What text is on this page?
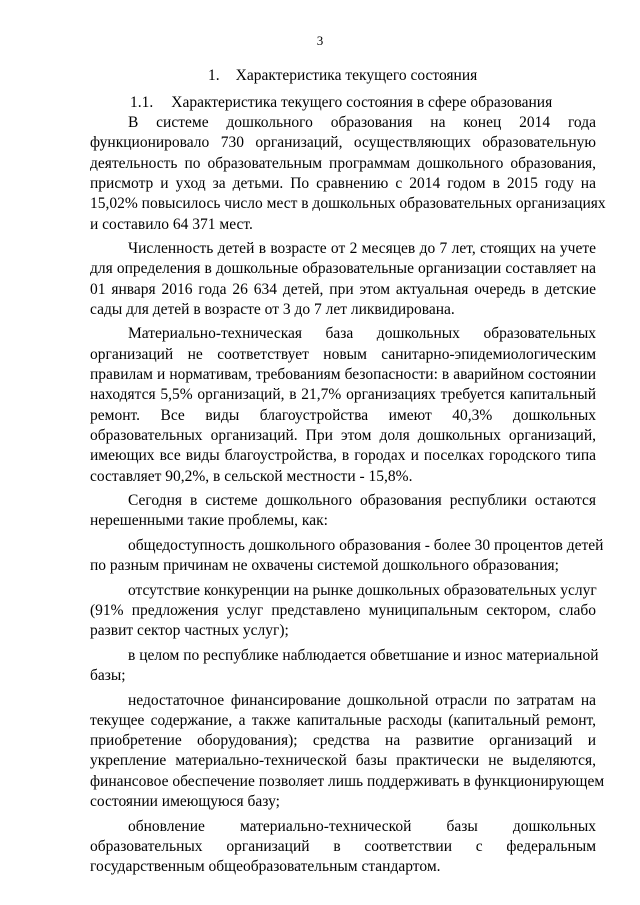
3
1. Характеристика текущего состояния
1.1. Характеристика текущего состояния в сфере образования
В системе дошкольного образования на конец 2014 года
функционировало 730 организаций, осуществляющих образовательную
деятельность по образовательным программам дошкольного образования,
присмотр и уход за детьми. По сравнению с 2014 годом в 2015 году на
15,02% повысилось число мест в дошкольных образовательных организациях
и составило 64 371 мест.
Численность детей в возрасте от 2 месяцев до 7 лет, стоящих на учете
для определения в дошкольные образовательные организации составляет на
01 января 2016 года 26 634 детей, при этом актуальная очередь в детские
сады для детей в возрасте от 3 до 7 лет ликвидирована.
Материально-техническая база дошкольных образовательных
организаций не соответствует новым санитарно-эпидемиологическим
правилам и нормативам, требованиям безопасности: в аварийном состоянии
находятся 5,5% организаций, в 21,7% организациях требуется капитальный
ремонт. Все виды благоустройства имеют 40,3% дошкольных
образовательных организаций. При этом доля дошкольных организаций,
имеющих все виды благоустройства, в городах и поселках городского типа
составляет 90,2%, в сельской местности - 15,8%.
Сегодня в системе дошкольного образования республики остаются
нерешенными такие проблемы, как:
общедоступность дошкольного образования - более 30 процентов детей
по разным причинам не охвачены системой дошкольного образования;
отсутствие конкуренции на рынке дошкольных образовательных услуг
(91% предложения услуг представлено муниципальным сектором, слабо
развит сектор частных услуг);
в целом по республике наблюдается обветшание и износ материальной
базы;
недостаточное финансирование дошкольной отрасли по затратам на
текущее содержание, а также капитальные расходы (капитальный ремонт,
приобретение оборудования); средства на развитие организаций и
укрепление материально-технической базы практически не выделяются,
финансовое обеспечение позволяет лишь поддерживать в функционирующем
состоянии имеющуюся базу;
обновление материально-технической базы дошкольных
образовательных организаций в соответствии с федеральным
государственным общеобразовательным стандартом.
